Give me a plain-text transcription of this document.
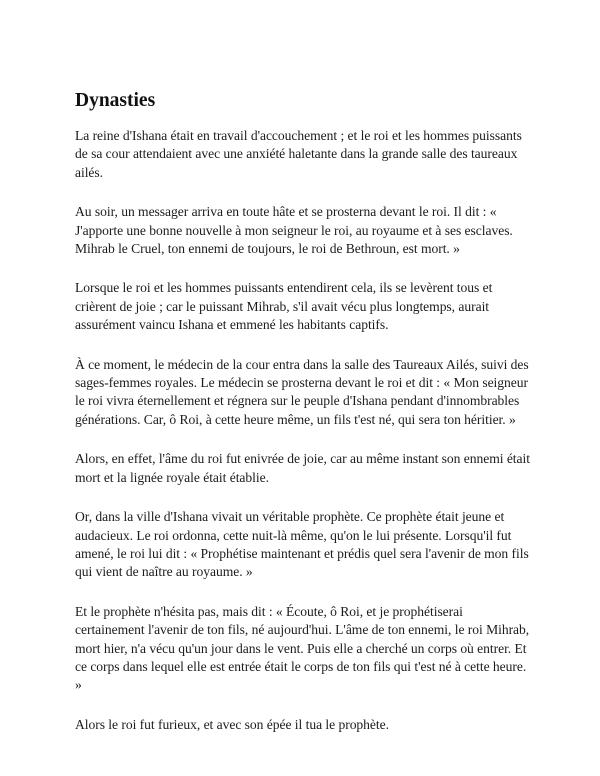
Dynasties

La reine d'Ishana était en travail d'accouchement ; et le roi et les hommes puissants de sa cour attendaient avec une anxiété haletante dans la grande salle des taureaux ailés.

Au soir, un messager arriva en toute hâte et se prosterna devant le roi. Il dit : « J'apporte une bonne nouvelle à mon seigneur le roi, au royaume et à ses esclaves. Mihrab le Cruel, ton ennemi de toujours, le roi de Bethroun, est mort. »

Lorsque le roi et les hommes puissants entendirent cela, ils se levèrent tous et crièrent de joie ; car le puissant Mihrab, s'il avait vécu plus longtemps, aurait assurément vaincu Ishana et emmené les habitants captifs.

À ce moment, le médecin de la cour entra dans la salle des Taureaux Ailés, suivi des sages-femmes royales. Le médecin se prosterna devant le roi et dit : « Mon seigneur le roi vivra éternellement et régnera sur le peuple d'Ishana pendant d'innombrables générations. Car, ô Roi, à cette heure même, un fils t'est né, qui sera ton héritier. »

Alors, en effet, l'âme du roi fut enivrée de joie, car au même instant son ennemi était mort et la lignée royale était établie.

Or, dans la ville d'Ishana vivait un véritable prophète. Ce prophète était jeune et audacieux. Le roi ordonna, cette nuit-là même, qu'on le lui présente. Lorsqu'il fut amené, le roi lui dit : « Prophétise maintenant et prédis quel sera l'avenir de mon fils qui vient de naître au royaume. »

Et le prophète n'hésita pas, mais dit : « Écoute, ô Roi, et je prophétiserai certainement l'avenir de ton fils, né aujourd'hui. L'âme de ton ennemi, le roi Mihrab, mort hier, n'a vécu qu'un jour dans le vent. Puis elle a cherché un corps où entrer. Et ce corps dans lequel elle est entrée était le corps de ton fils qui t'est né à cette heure. »

Alors le roi fut furieux, et avec son épée il tua le prophète.
